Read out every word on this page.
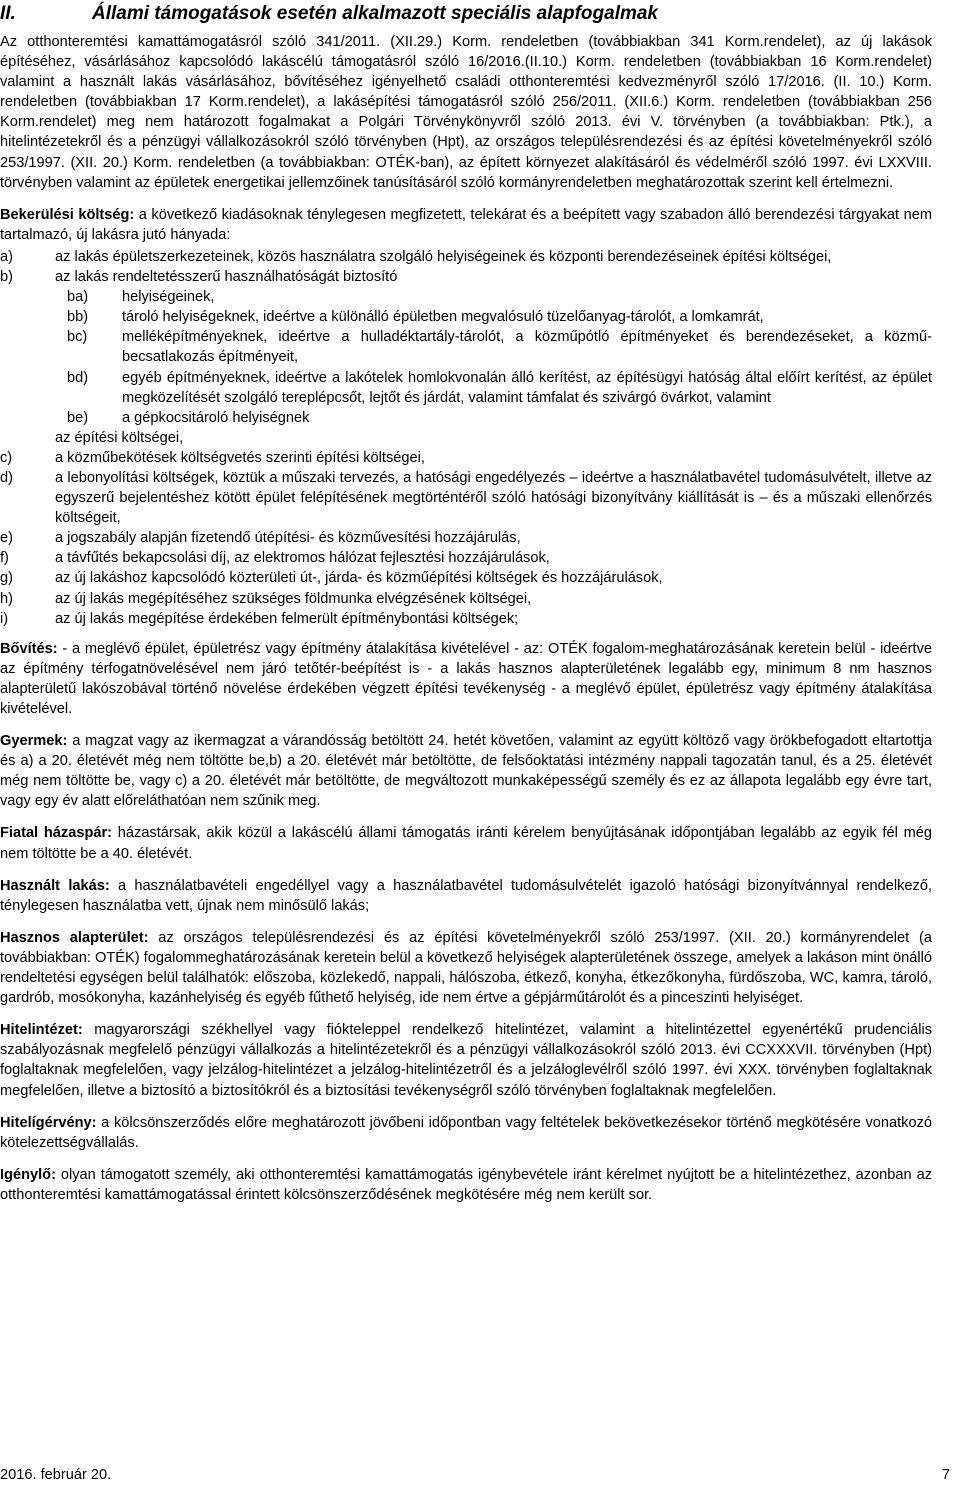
II.	Állami támogatások esetén alkalmazott speciális alapfogalmak

Az otthonteremtési kamattámogatásról szóló 341/2011. (XII.29.) Korm. rendeletben (továbbiakban 341 Korm.rendelet), az új lakások építéséhez, vásárlásához kapcsolódó lakáscélú támogatásról szóló 16/2016.(II.10.) Korm. rendeletben (továbbiakban 16 Korm.rendelet) valamint a használt lakás vásárlásához, bővítéséhez igényelhető családi otthonteremtési kedvezményről szóló 17/2016. (II. 10.) Korm. rendeletben (továbbiakban 17 Korm.rendelet), a lakásépítési támogatásról szóló 256/2011. (XII.6.) Korm. rendeletben (továbbiakban 256 Korm.rendelet) meg nem határozott fogalmakat a Polgári Törvénykönyvről szóló 2013. évi V. törvényben (a továbbiakban: Ptk.), a hitelintézetekről és a pénzügyi vállalkozásokról szóló törvényben (Hpt), az országos településrendezési és az építési követelményekről szóló 253/1997. (XII. 20.) Korm. rendeletben (a továbbiakban: OTÉK-ban), az épített környezet alakításáról és védelméről szóló 1997. évi LXXVIII. törvényben valamint az épületek energetikai jellemzőinek tanúsításáról szóló kormányrendeletben meghatározottak szerint kell értelmezni.

Bekerülési költség: a következő kiadásoknak ténylegesen megfizetett, telekárat és a beépített vagy szabadon álló berendezési tárgyakat nem tartalmazó, új lakásra jutó hányada:

a)	az lakás épületszerkezeteinek, közös használatra szolgáló helyiségeinek és központi berendezéseinek építési költségei,
b)	az lakás rendeltetésszerű használhatóságát biztosító
ba)	helyiségeinek,
bb)	tároló helyiségeknek, ideértve a különálló épületben megvalósuló tüzelőanyag-tárolót, a lomkamrát,
bc)	melléképítményeknek, ideértve a hulladéktartály-tárolót, a közműpótló építményeket és berendezéseket, a közmű-becsatlakozás építményeit,
bd)	egyéb építményeknek, ideértve a lakótelek homlokvonalán álló kerítést, az építésügyi hatóság által előírt kerítést, az épület megközelítését szolgáló tereplépcsőt, lejtőt és járdát, valamint támfalat és szivárgó övárkot, valamint
be)	a gépkocsitároló helyiségnek
az építési költségei,
c)	a közműbekötések költségvetés szerinti építési költségei,
d)	a lebonyolítási költségek, köztük a műszaki tervezés, a hatósági engedélyezés – ideértve a használatbavétel tudomásulvételt, illetve az egyszerű bejelentéshez kötött épület felépítésének megtörténtéről szóló hatósági bizonyítvány kiállítását is – és a műszaki ellenőrzés költségeit,
e)	a jogszabály alapján fizetendő útépítési- és közművesítési hozzájárulás,
f)	a távfűtés bekapcsolási díj, az elektromos hálózat fejlesztési hozzájárulások,
g)	az új lakáshoz kapcsolódó közterületi út-, járda- és közműépítési költségek és hozzájárulások,
h)	az új lakás megépítéséhez szükséges földmunka elvégzésének költségei,
i)	az új lakás megépítése érdekében felmerült építménybontási költségek;

Bővítés: - a meglévő épület, épületrész vagy építmény átalakítása kivételével - az: OTÉK fogalom-meghatározásának keretein belül - ideértve az építmény térfogatnövelésével nem járó tetőtér-beépítést is - a lakás hasznos alapterületének legalább egy, minimum 8 nm hasznos alapterületű lakószobával történő növelése érdekében végzett építési tevékenység - a meglévő épület, épületrész vagy építmény átalakítása kivételével.

Gyermek: a magzat vagy az ikermagzat a várandósság betöltött 24. hetét követően, valamint az együtt költöző vagy örökbefogadott eltartottja és a) a 20. életévét még nem töltötte be,b) a 20. életévét már betöltötte, de felsőoktatási intézmény nappali tagozatán tanul, és a 25. életévét még nem töltötte be, vagy c) a 20. életévét már betöltötte, de megváltozott munkaképességű személy és ez az állapota legalább egy évre tart, vagy egy év alatt előreláthatóan nem szűnik meg.

Fiatal házaspár: házastársak, akik közül a lakáscélú állami támogatás iránti kérelem benyújtásának időpontjában legalább az egyik fél még nem töltötte be a 40. életévét.

Használt lakás: a használatbavételi engedéllyel vagy a használatbavétel tudomásulvételét igazoló hatósági bizonyítvánnyal rendelkező, ténylegesen használatba vett, újnak nem minősülő lakás;

Hasznos alapterület: az országos településrendezési és az építési követelményekről szóló 253/1997. (XII. 20.) kormányrendelet (a továbbiakban: OTÉK) fogalommeghatározásának keretein belül a következő helyiségek alapterületének összege, amelyek a lakáson mint önálló rendeltetési egységen belül találhatók: előszoba, közlekedő, nappali, hálószoba, étkező, konyha, étkezőkonyha, fürdőszoba, WC, kamra, tároló, gardrób, mosókonyha, kazánhelyiség és egyéb fűthető helyiség, ide nem értve a gépjárműtárolót és a pinceszinti helyiséget.

Hitelintézet: magyarországi székhellyel vagy fiókteleppel rendelkező hitelintézet, valamint a hitelintézettel egyenértékű prudenciális szabályozásnak megfelelő pénzügyi vállalkozás a hitelintézetekről és a pénzügyi vállalkozásokról szóló 2013. évi CCXXXVII. törvényben (Hpt) foglaltaknak megfelelően, vagy jelzálog-hitelintézet a jelzálog-hitelintézetről és a jelzáloglevélről szóló 1997. évi XXX. törvényben foglaltaknak megfelelően, illetve a biztosító a biztosítókról és a biztosítási tevékenységről szóló törvényben foglaltaknak megfelelően.

Hitelígérvény: a kölcsönszerződés előre meghatározott jövőbeni időpontban vagy feltételek bekövetkezésekor történő megkötésére vonatkozó kötelezettségvállalás.

Igénylő: olyan támogatott személy, aki otthonteremtési kamattámogatás igénybevétele iránt kérelmet nyújtott be a hitelintézethez, azonban az otthonteremtési kamattámogatással érintett kölcsönszerződésének megkötésére még nem került sor.

2016. február 20.	7
